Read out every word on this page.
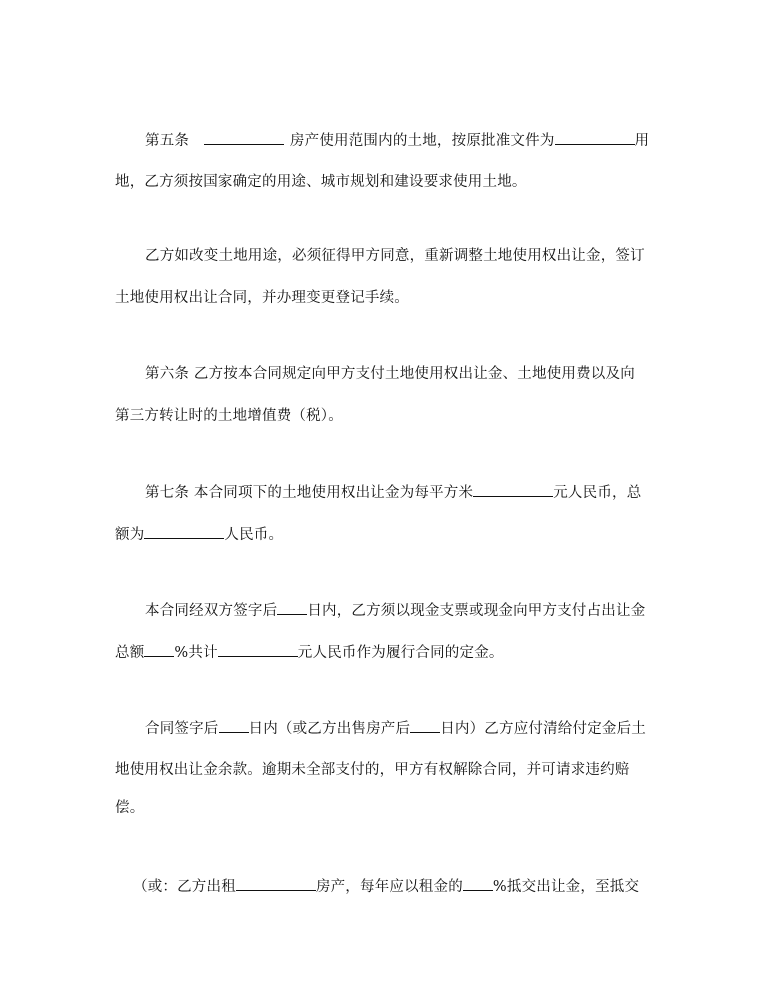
第五条	房产使用范围内的土地，按原批准文件为	用
地，乙方须按国家确定的用途、城市规划和建设要求使用土地。
乙方如改变土地用途，必须征得甲方同意，重新调整土地使用权出让金，签订
土地使用权出让合同，并办理变更登记手续。
第六条 乙方按本合同规定向甲方支付土地使用权出让金、土地使用费以及向
第三方转让时的土地增值费（税）。
第七条 本合同项下的土地使用权出让金为每平方米	元人民币，总
额为	人民币。
本合同经双方签字后 日内，乙方须以现金支票或现金向甲方支付占出让金
总额 %共计	元人民币作为履行合同的定金。
合同签字后 日内（或乙方出售房产后 日内）乙方应付清给付定金后土
地使用权出让金余款。逾期未全部支付的，甲方有权解除合同，并可请求违约赔
偿。
（或：乙方出租	房产，每年应以租金的 %抵交出让金，至抵交
